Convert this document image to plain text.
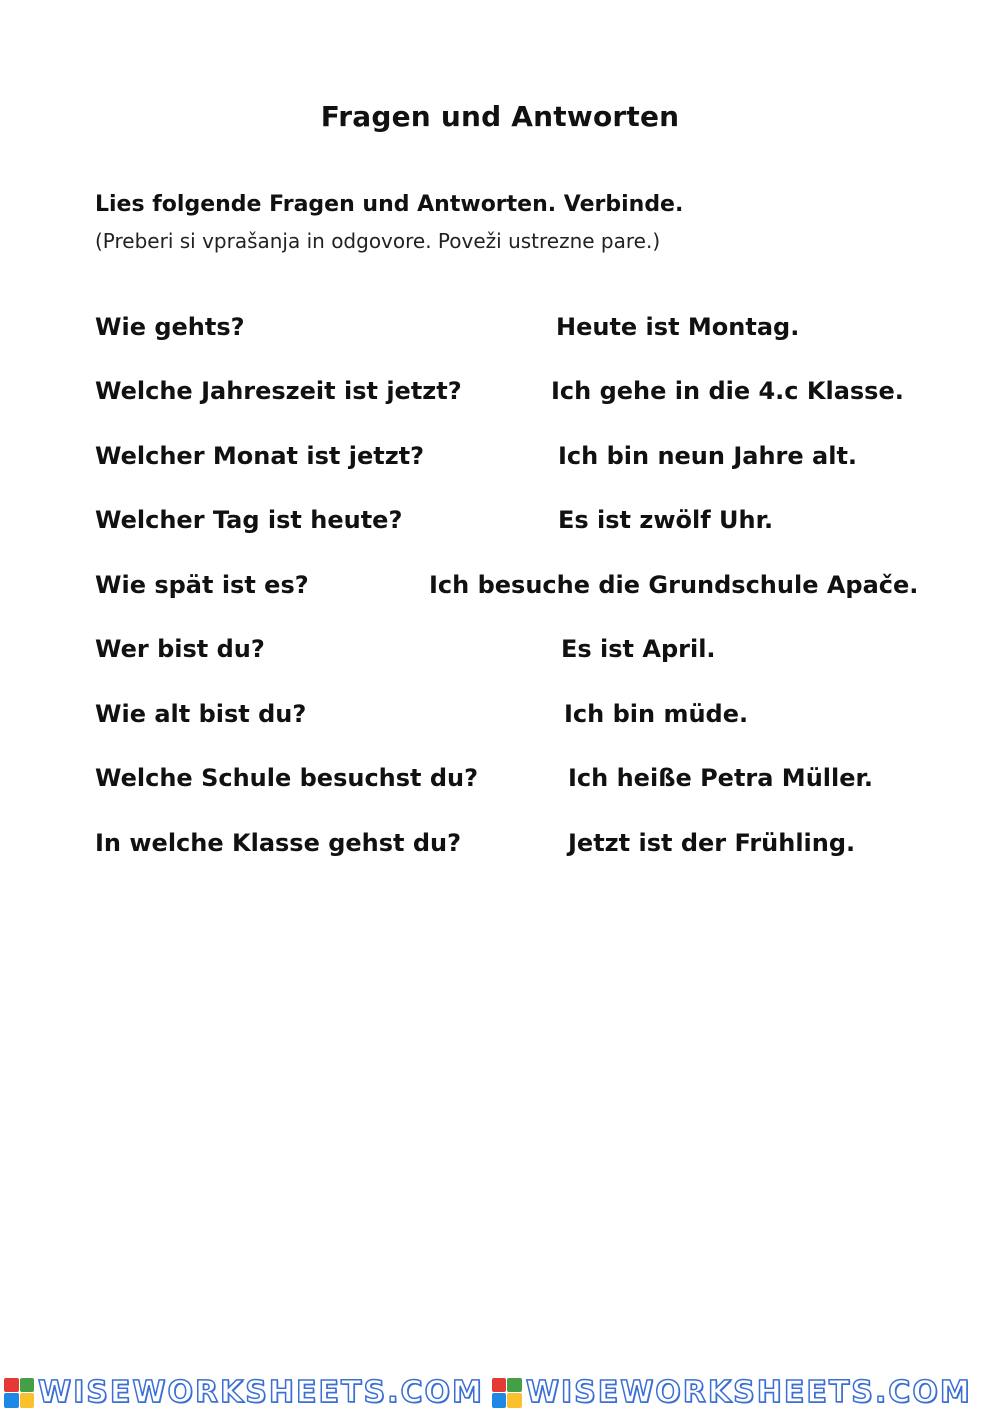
Fragen und Antworten
Lies folgende Fragen und Antworten. Verbinde.
(Preberi si vprašanja in odgovore. Poveži ustrezne pare.)
Wie gehts?
Welche Jahreszeit ist jetzt?
Welcher Monat ist jetzt?
Welcher Tag ist heute?
Wie spät ist es?
Wer bist du?
Wie alt bist du?
Welche Schule besuchst du?
In welche Klasse gehst du?
Heute ist Montag.
Ich gehe in die 4.c Klasse.
Ich bin neun Jahre alt.
Es ist zwölf Uhr.
Ich besuche die Grundschule Apače.
Es ist April.
Ich bin müde.
Ich heiße Petra Müller.
Jetzt ist der Frühling.
WISEWORKSHEETS.COM WISEWORKSHEETS.COM
